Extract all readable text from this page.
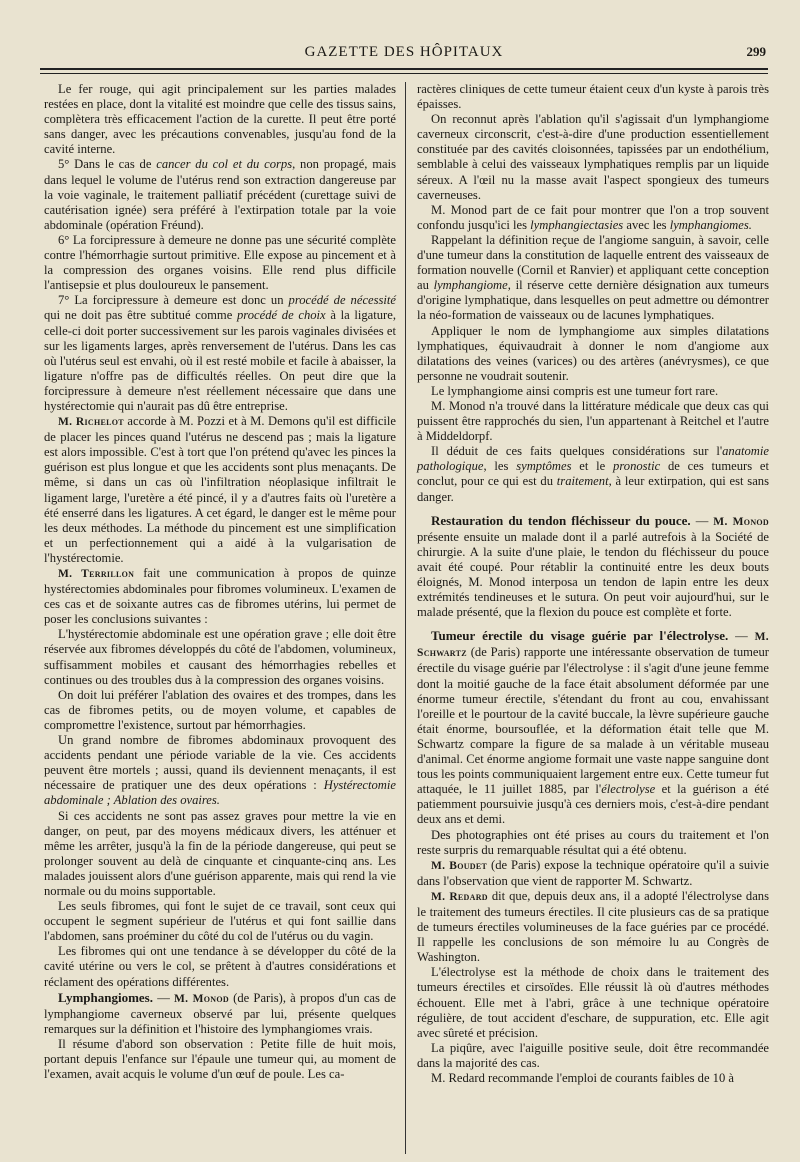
GAZETTE DES HÔPITAUX	299

Le fer rouge, qui agit principalement sur les parties malades restées en place, dont la vitalité est moindre que celle des tissus sains, complètera très efficacement l'action de la curette. Il peut être porté sans danger, avec les précautions convenables, jusqu'au fond de la cavité interne.

5° Dans le cas de cancer du col et du corps, non propagé, mais dans lequel le volume de l'utérus rend son extraction dangereuse par la voie vaginale, le traitement palliatif précédent (curettage suivi de cautérisation ignée) sera préféré à l'extirpation totale par la voie abdominale (opération Fréund).

6° La forcipressure à demeure ne donne pas une sécurité complète contre l'hémorrhagie surtout primitive. Elle expose au pincement et à la compression des organes voisins. Elle rend plus difficile l'antisepsie et plus douloureux le pansement.

7° La forcipressure à demeure est donc un procédé de nécessité qui ne doit pas être subtitué comme procédé de choix à la ligature, celle-ci doit porter successivement sur les parois vaginales divisées et sur les ligaments larges, après renversement de l'utérus. Dans les cas où l'utérus seul est envahi, où il est resté mobile et facile à abaisser, la ligature n'offre pas de difficultés réelles. On peut dire que la forcipressure à demeure n'est réellement nécessaire que dans une hystérectomie qui n'aurait pas dû être entreprise.

M. Richelot accorde à M. Pozzi et à M. Demons qu'il est difficile de placer les pinces quand l'utérus ne descend pas ; mais la ligature est alors impossible. C'est à tort que l'on prétend qu'avec les pinces la guérison est plus longue et que les accidents sont plus menaçants. De même, si dans un cas où l'infiltration néoplasique infiltrait le ligament large, l'uretère a été pincé, il y a d'autres faits où l'uretère a été enserré dans les ligatures. A cet égard, le danger est le même pour les deux méthodes. La méthode du pincement est une simplification et un perfectionnement qui a aidé à la vulgarisation de l'hystérectomie.

M. Terrillon fait une communication à propos de quinze hystérectomies abdominales pour fibromes volumineux. L'examen de ces cas et de soixante autres cas de fibromes utérins, lui permet de poser les conclusions suivantes :

L'hystérectomie abdominale est une opération grave ; elle doit être réservée aux fibromes développés du côté de l'abdomen, volumineux, suffisamment mobiles et causant des hémorrhagies rebelles et continues ou des troubles dus à la compression des organes voisins.

On doit lui préférer l'ablation des ovaires et des trompes, dans les cas de fibromes petits, ou de moyen volume, et capables de compromettre l'existence, surtout par hémorrhagies.

Un grand nombre de fibromes abdominaux provoquent des accidents pendant une période variable de la vie. Ces accidents peuvent être mortels ; aussi, quand ils deviennent menaçants, il est nécessaire de pratiquer une des deux opérations : Hystérectomie abdominale ; Ablation des ovaires.

Si ces accidents ne sont pas assez graves pour mettre la vie en danger, on peut, par des moyens médicaux divers, les atténuer et même les arrêter, jusqu'à la fin de la période dangereuse, qui peut se prolonger souvent au delà de cinquante et cinquante-cinq ans. Les malades jouissent alors d'une guérison apparente, mais qui rend la vie normale ou du moins supportable.

Les seuls fibromes, qui font le sujet de ce travail, sont ceux qui occupent le segment supérieur de l'utérus et qui font saillie dans l'abdomen, sans proéminer du côté du col de l'utérus ou du vagin.

Les fibromes qui ont une tendance à se développer du côté de la cavité utérine ou vers le col, se prêtent à d'autres considérations et réclament des opérations différentes.

Lymphangiomes. — M. Monod (de Paris), à propos d'un cas de lymphangiome caverneux observé par lui, présente quelques remarques sur la définition et l'histoire des lymphangiomes vrais.

Il résume d'abord son observation : Petite fille de huit mois, portant depuis l'enfance sur l'épaule une tumeur qui, au moment de l'examen, avait acquis le volume d'un œuf de poule. Les ca-

ractères cliniques de cette tumeur étaient ceux d'un kyste à parois très épaisses.

On reconnut après l'ablation qu'il s'agissait d'un lymphangiome caverneux circonscrit, c'est-à-dire d'une production essentiellement constituée par des cavités cloisonnées, tapissées par un endothélium, semblable à celui des vaisseaux lymphatiques remplis par un liquide séreux. A l'œil nu la masse avait l'aspect spongieux des tumeurs caverneuses.

M. Monod part de ce fait pour montrer que l'on a trop souvent confondu jusqu'ici les lymphangiectasies avec les lymphangiomes.

Rappelant la définition reçue de l'angiome sanguin, à savoir, celle d'une tumeur dans la constitution de laquelle entrent des vaisseaux de formation nouvelle (Cornil et Ranvier) et appliquant cette conception au lymphangiome, il réserve cette dernière désignation aux tumeurs d'origine lymphatique, dans lesquelles on peut admettre ou démontrer la néo-formation de vaisseaux ou de lacunes lymphatiques.

Appliquer le nom de lymphangiome aux simples dilatations lymphatiques, équivaudrait à donner le nom d'angiome aux dilatations des veines (varices) ou des artères (anévrysmes), ce que personne ne voudrait soutenir.

Le lymphangiome ainsi compris est une tumeur fort rare.

M. Monod n'a trouvé dans la littérature médicale que deux cas qui puissent être rapprochés du sien, l'un appartenant à Reitchel et l'autre à Middeldorpf.

Il déduit de ces faits quelques considérations sur l'anatomie pathologique, les symptômes et le pronostic de ces tumeurs et conclut, pour ce qui est du traitement, à leur extirpation, qui est sans danger.

Restauration du tendon fléchisseur du pouce. — M. Monod présente ensuite un malade dont il a parlé autrefois à la Société de chirurgie. A la suite d'une plaie, le tendon du fléchisseur du pouce avait été coupé. Pour rétablir la continuité entre les deux bouts éloignés, M. Monod interposa un tendon de lapin entre les deux extrémités tendineuses et le sutura. On peut voir aujourd'hui, sur le malade présenté, que la flexion du pouce est complète et forte.

Tumeur érectile du visage guérie par l'électrolyse. — M. Schwartz (de Paris) rapporte une intéressante observation de tumeur érectile du visage guérie par l'électrolyse : il s'agit d'une jeune femme dont la moitié gauche de la face était absolument déformée par une énorme tumeur érectile, s'étendant du front au cou, envahissant l'oreille et le pourtour de la cavité buccale, la lèvre supérieure gauche était énorme, boursouflée, et la déformation était telle que M. Schwartz compare la figure de sa malade à un véritable museau d'animal. Cet énorme angiome formait une vaste nappe sanguine dont tous les points communiquaient largement entre eux. Cette tumeur fut attaquée, le 11 juillet 1885, par l'électrolyse et la guérison a été patiemment poursuivie jusqu'à ces derniers mois, c'est-à-dire pendant deux ans et demi.

Des photographies ont été prises au cours du traitement et l'on reste surpris du remarquable résultat qui a été obtenu.

M. Boudet (de Paris) expose la technique opératoire qu'il a suivie dans l'observation que vient de rapporter M. Schwartz.

M. Redard dit que, depuis deux ans, il a adopté l'électrolyse dans le traitement des tumeurs érectiles. Il cite plusieurs cas de sa pratique de tumeurs érectiles volumineuses de la face guéries par ce procédé. Il rappelle les conclusions de son mémoire lu au Congrès de Washington.

L'électrolyse est la méthode de choix dans le traitement des tumeurs érectiles et cirsoïdes. Elle réussit là où d'autres méthodes échouent. Elle met à l'abri, grâce à une technique opératoire régulière, de tout accident d'eschare, de suppuration, etc. Elle agit avec sûreté et précision.

La piqûre, avec l'aiguille positive seule, doit être recommandée dans la majorité des cas.

M. Redard recommande l'emploi de courants faibles de 10 à
